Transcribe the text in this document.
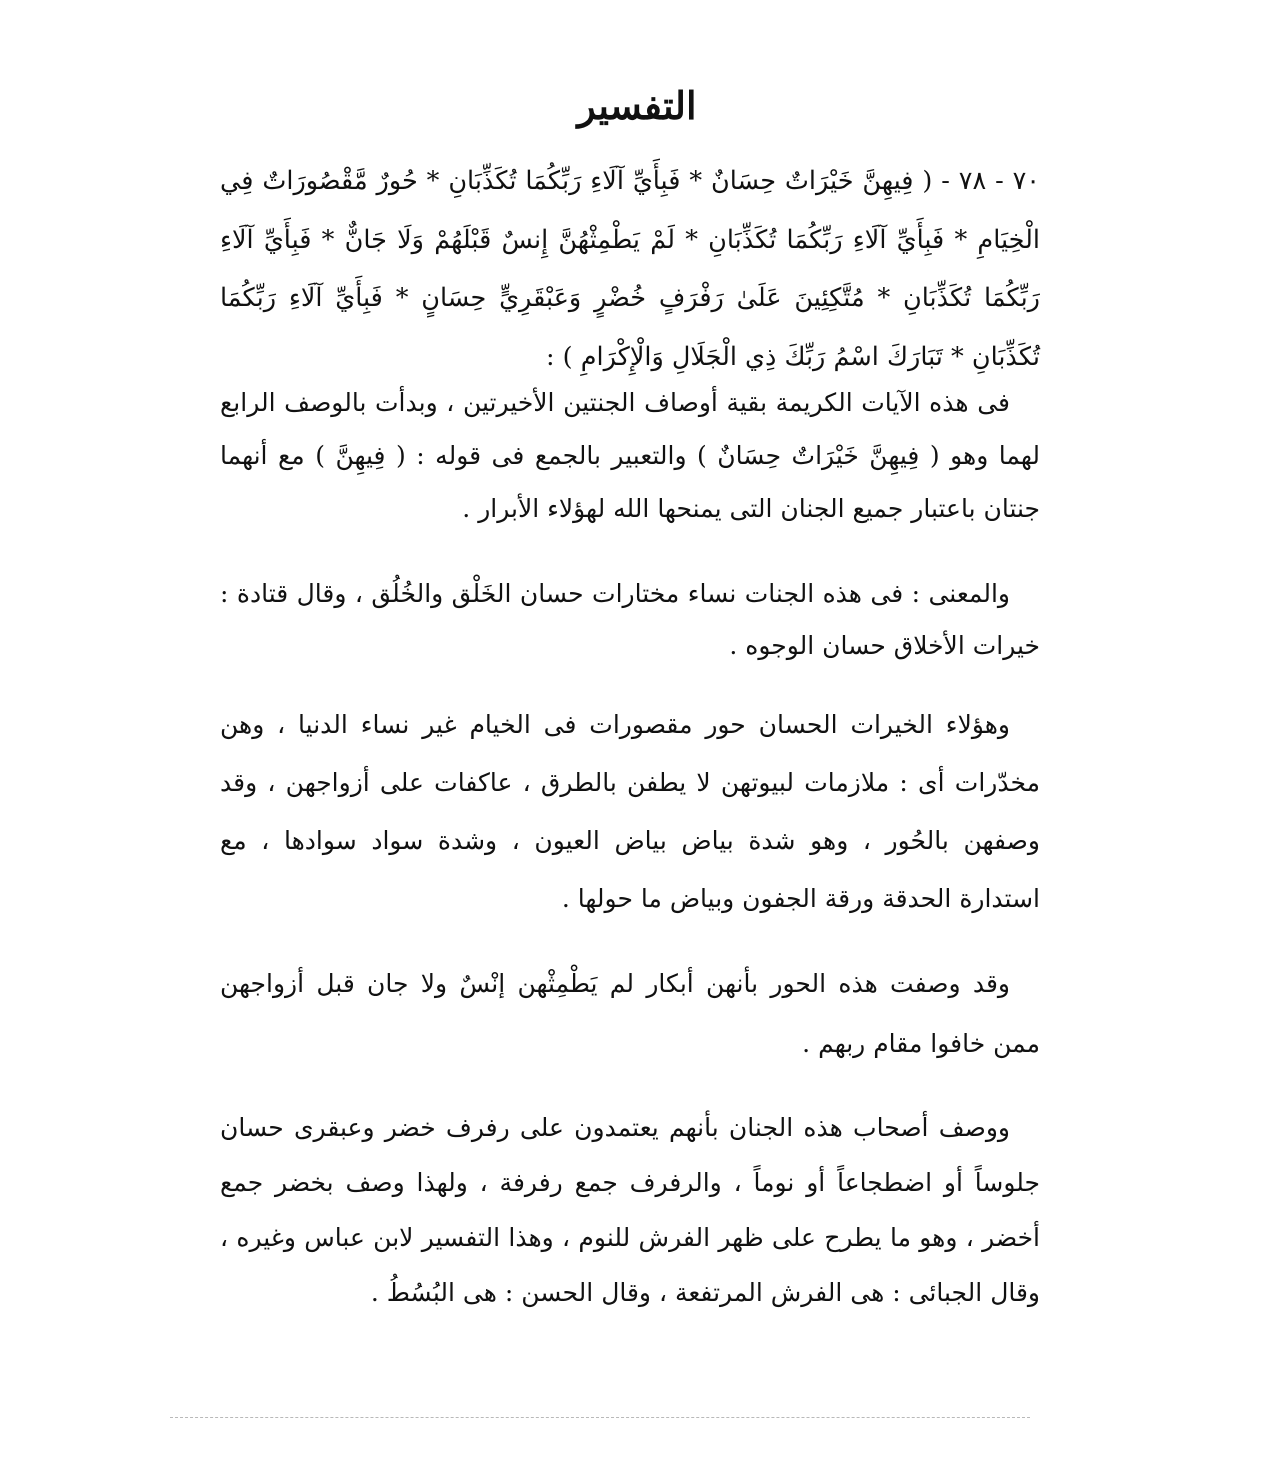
التفسير

٧٠ - ٧٨ - ( فِيهِنَّ خَيْرَاتٌ حِسَانٌ * فَبِأَيِّ آلَاءِ رَبِّكُمَا تُكَذِّبَانِ * حُورٌ مَّقْصُورَاتٌ فِي الْخِيَامِ * فَبِأَيِّ آلَاءِ رَبِّكُمَا تُكَذِّبَانِ * لَمْ يَطْمِثْهُنَّ إِنسٌ قَبْلَهُمْ وَلَا جَانٌّ * فَبِأَيِّ آلَاءِ رَبِّكُمَا تُكَذِّبَانِ * مُتَّكِئِينَ عَلَىٰ رَفْرَفٍ خُضْرٍ وَعَبْقَرِيٍّ حِسَانٍ * فَبِأَيِّ آلَاءِ رَبِّكُمَا تُكَذِّبَانِ * تَبَارَكَ اسْمُ رَبِّكَ ذِي الْجَلَالِ وَالْإِكْرَامِ ) :

فى هذه الآيات الكريمة بقية أوصاف الجنتين الأخيرتين ، وبدأت بالوصف الرابع لهما وهو ( فِيهِنَّ خَيْرَاتٌ حِسَانٌ ) والتعبير بالجمع فى قوله : ( فِيهِنَّ ) مع أنهما جنتان باعتبار جميع الجنان التى يمنحها الله لهؤلاء الأبرار .

والمعنى : فى هذه الجنات نساء مختارات حسان الخَلْق والخُلُق ، وقال قتادة : خيرات الأخلاق حسان الوجوه .

وهؤلاء الخيرات الحسان حور مقصورات فى الخيام غير نساء الدنيا ، وهن مخدّرات أى : ملازمات لبيوتهن لا يطفن بالطرق ، عاكفات على أزواجهن ، وقد وصفهن بالحُور ، وهو شدة بياض بياض العيون ، وشدة سواد سوادها ، مع استدارة الحدقة ورقة الجفون وبياض ما حولها .

وقد وصفت هذه الحور بأنهن أبكار لم يَطْمِثْهن إنْسٌ ولا جان قبل أزواجهن ممن خافوا مقام ربهم .

ووصف أصحاب هذه الجنان بأنهم يعتمدون على رفرف خضر وعبقرى حسان جلوساً أو اضطجاعاً أو نوماً ، والرفرف جمع رفرفة ، ولهذا وصف بخضر جمع أخضر ، وهو ما يطرح على ظهر الفرش للنوم ، وهذا التفسير لابن عباس وغيره ، وقال الجبائى : هى الفرش المرتفعة ، وقال الحسن : هى البُسُطُ .
